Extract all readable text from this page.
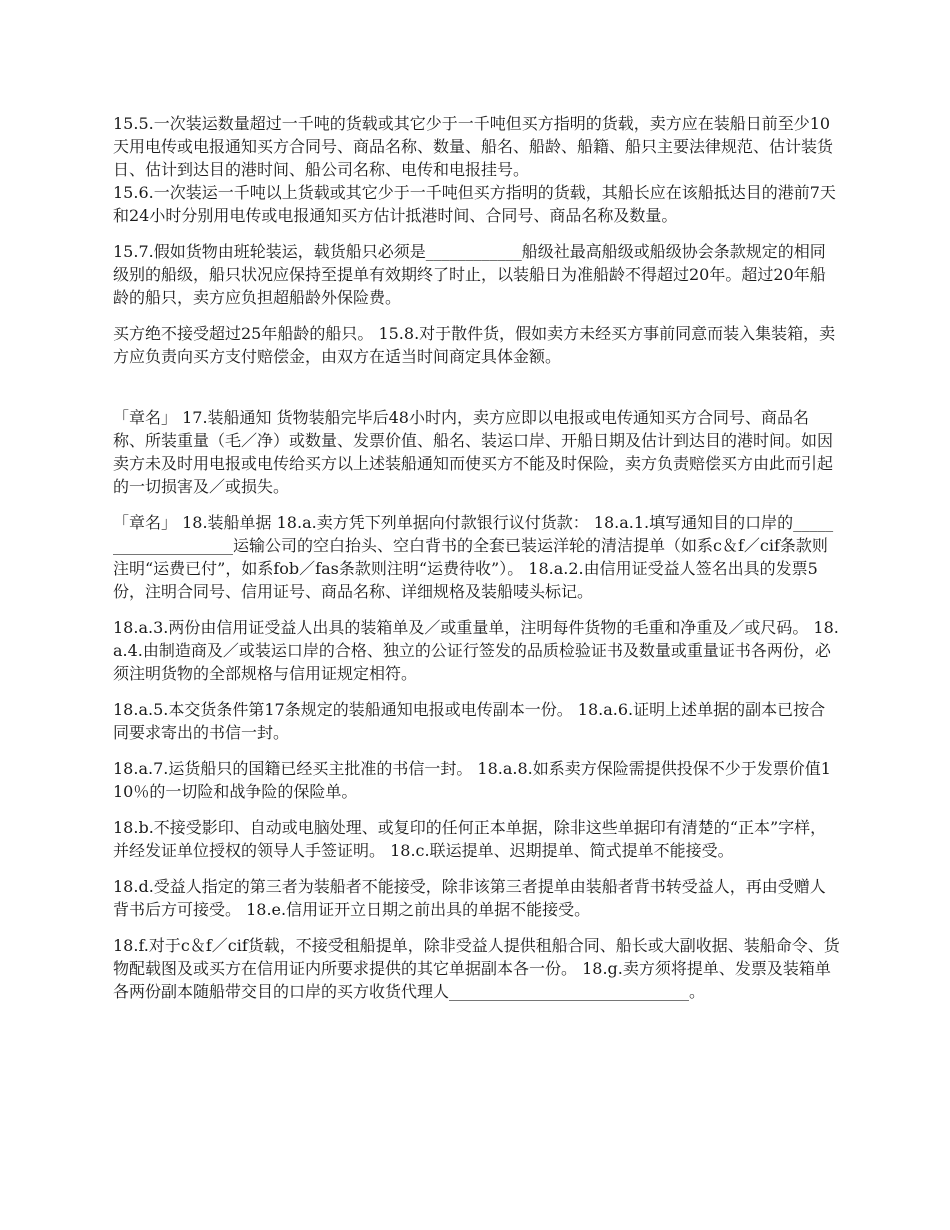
15.5.一次装运数量超过一千吨的货载或其它少于一千吨但买方指明的货载，卖方应在装船日前至少10天用电传或电报通知买方合同号、商品名称、数量、船名、船龄、船籍、船只主要法律规范、估计装货日、估计到达目的港时间、船公司名称、电传和电报挂号。

15.6.一次装运一千吨以上货载或其它少于一千吨但买方指明的货载，其船长应在该船抵达目的港前7天和24小时分别用电传或电报通知买方估计抵港时间、合同号、商品名称及数量。

15.7.假如货物由班轮装运，载货船只必须是____________船级社最高船级或船级协会条款规定的相同级别的船级，船只状况应保持至提单有效期终了时止，以装船日为准船龄不得超过20年。超过20年船龄的船只，卖方应负担超船龄外保险费。

买方绝不接受超过25年船龄的船只。 15.8.对于散件货，假如卖方未经买方事前同意而装入集装箱，卖方应负责向买方支付赔偿金，由双方在适当时间商定具体金额。

「章名」 17.装船通知 货物装船完毕后48小时内，卖方应即以电报或电传通知买方合同号、商品名称、所装重量（毛／净）或数量、发票价值、船名、装运口岸、开船日期及估计到达目的港时间。如因卖方未及时用电报或电传给买方以上述装船通知而使买方不能及时保险，卖方负责赔偿买方由此而引起的一切损害及／或损失。

「章名」 18.装船单据 18.a.卖方凭下列单据向付款银行议付货款： 18.a.1.填写通知目的口岸的____________________运输公司的空白抬头、空白背书的全套已装运洋轮的清洁提单（如系c＆f／cif条款则注明“运费已付”，如系fob／fas条款则注明“运费待收”）。 18.a.2.由信用证受益人签名出具的发票5份，注明合同号、信用证号、商品名称、详细规格及装船唛头标记。

18.a.3.两份由信用证受益人出具的装箱单及／或重量单，注明每件货物的毛重和净重及／或尺码。 18.a.4.由制造商及／或装运口岸的合格、独立的公证行签发的品质检验证书及数量或重量证书各两份，必须注明货物的全部规格与信用证规定相符。

18.a.5.本交货条件第17条规定的装船通知电报或电传副本一份。 18.a.6.证明上述单据的副本已按合同要求寄出的书信一封。

18.a.7.运货船只的国籍已经买主批准的书信一封。 18.a.8.如系卖方保险需提供投保不少于发票价值110％的一切险和战争险的保险单。

18.b.不接受影印、自动或电脑处理、或复印的任何正本单据，除非这些单据印有清楚的“正本”字样，并经发证单位授权的领导人手签证明。 18.c.联运提单、迟期提单、简式提单不能接受。

18.d.受益人指定的第三者为装船者不能接受，除非该第三者提单由装船者背书转受益人，再由受赠人背书后方可接受。 18.e.信用证开立日期之前出具的单据不能接受。

18.f.对于c＆f／cif货载，不接受租船提单，除非受益人提供租船合同、船长或大副收据、装船命令、货物配载图及或买方在信用证内所要求提供的其它单据副本各一份。 18.g.卖方须将提单、发票及装箱单各两份副本随船带交目的口岸的买方收货代理人______________________________。
